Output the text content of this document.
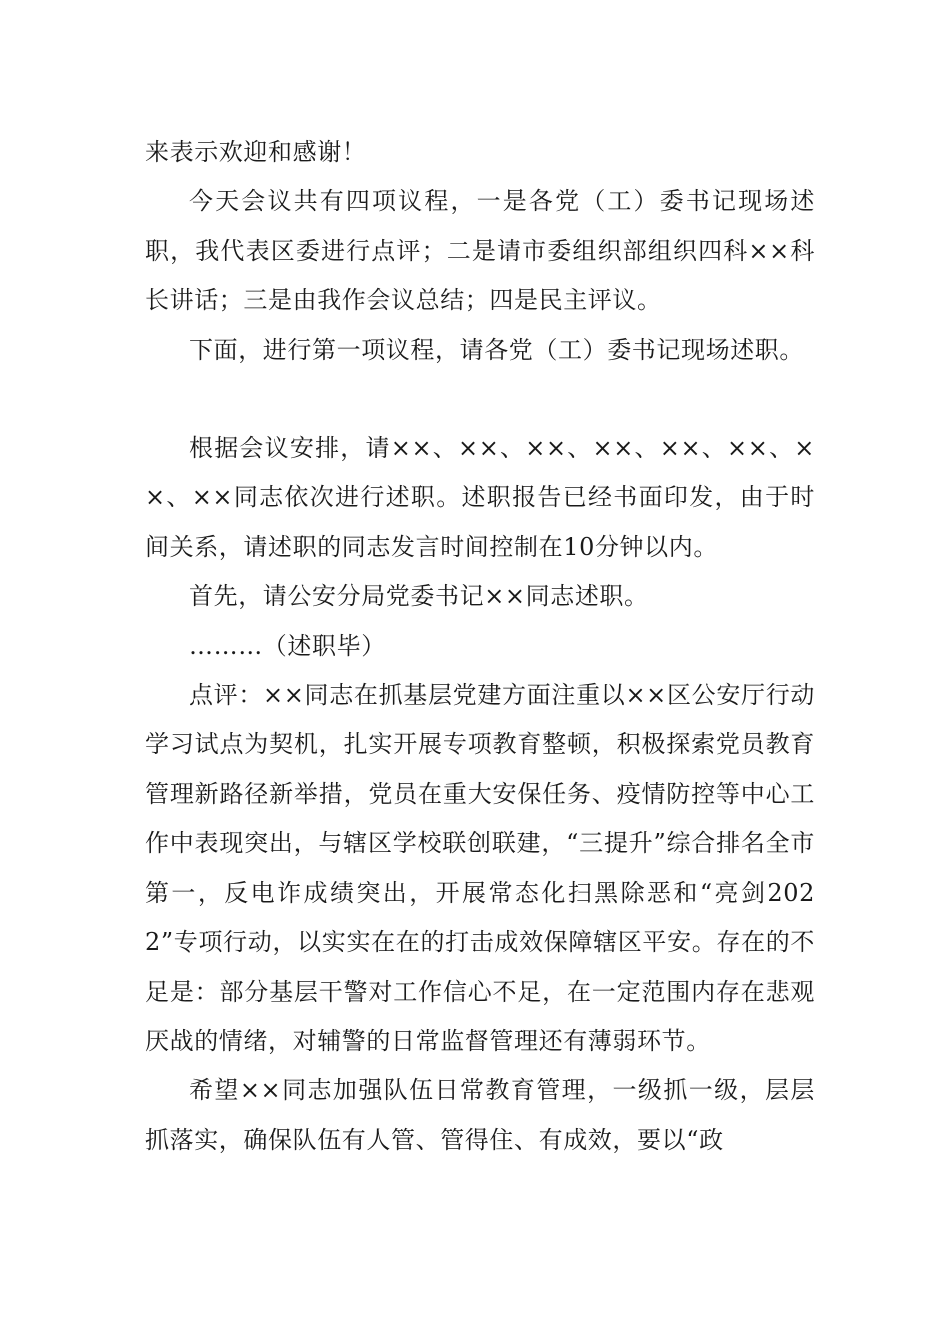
来表示欢迎和感谢！

今天会议共有四项议程，一是各党（工）委书记现场述职，我代表区委进行点评；二是请市委组织部组织四科××科长讲话；三是由我作会议总结；四是民主评议。

下面，进行第一项议程，请各党（工）委书记现场述职。

根据会议安排，请××、××、××、××、××、××、××、××同志依次进行述职。述职报告已经书面印发，由于时间关系，请述职的同志发言时间控制在10分钟以内。

首先，请公安分局党委书记××同志述职。

………（述职毕）

点评：××同志在抓基层党建方面注重以××区公安厅行动学习试点为契机，扎实开展专项教育整顿，积极探索党员教育管理新路径新举措，党员在重大安保任务、疫情防控等中心工作中表现突出，与辖区学校联创联建，“三提升”综合排名全市第一，反电诈成绩突出，开展常态化扫黑除恶和“亮剑2022”专项行动，以实实在在的打击成效保障辖区平安。存在的不足是：部分基层干警对工作信心不足，在一定范围内存在悲观厌战的情绪，对辅警的日常监督管理还有薄弱环节。

希望××同志加强队伍日常教育管理，一级抓一级，层层抓落实，确保队伍有人管、管得住、有成效，要以“政
